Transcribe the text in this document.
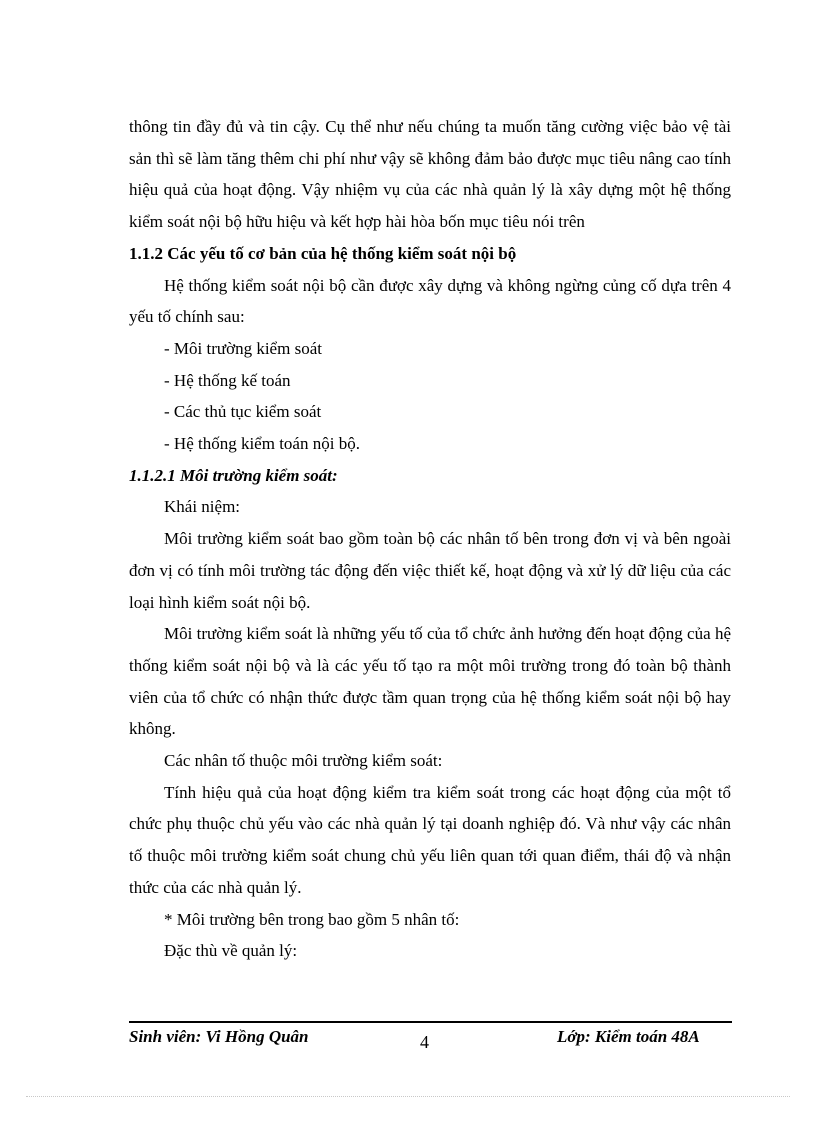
thông tin đầy đủ và tin cậy. Cụ thể như nếu chúng ta muốn tăng cường việc bảo vệ tài sản thì sẽ làm tăng thêm chi phí như vậy sẽ không đảm bảo được mục tiêu nâng cao tính hiệu quả của hoạt động. Vậy nhiệm vụ của các nhà quản lý là xây dựng một hệ thống kiểm soát nội bộ hữu hiệu và kết hợp hài hòa bốn mục tiêu nói trên

1.1.2 Các yếu tố cơ bản của hệ thống kiểm soát nội bộ

Hệ thống kiểm soát nội bộ cần được xây dựng và không ngừng củng cố dựa trên 4 yếu tố chính sau:

- Môi trường kiểm soát

- Hệ thống kế toán

- Các thủ tục kiểm soát

- Hệ thống kiểm toán nội bộ.

1.1.2.1 Môi trường kiểm soát:

Khái niệm:

Môi trường kiểm soát bao gồm toàn bộ các nhân tố bên trong đơn vị và bên ngoài đơn vị có tính môi trường tác động đến việc thiết kế, hoạt động và xử lý dữ liệu của các loại hình kiểm soát nội bộ.

Môi trường kiểm soát là những yếu tố của tổ chức ảnh hưởng đến hoạt động của hệ thống kiểm soát nội bộ và là các yếu tố tạo ra một môi trường trong đó toàn bộ thành viên của tổ chức có nhận thức được tầm quan trọng của hệ thống kiểm soát nội bộ hay không.

Các nhân tố thuộc môi trường kiểm soát:

Tính hiệu quả của hoạt động kiểm tra kiểm soát trong các hoạt động của một tổ chức phụ thuộc chủ yếu vào các nhà quản lý tại doanh nghiệp đó. Và như vậy các nhân tố thuộc môi trường kiểm soát chung chủ yếu liên quan tới quan điểm, thái độ và nhận thức của các nhà quản lý.

* Môi trường bên trong bao gồm 5 nhân tố:

Đặc thù về quản lý:

Sinh viên: Vi Hồng Quân	4	Lớp: Kiểm toán 48A
